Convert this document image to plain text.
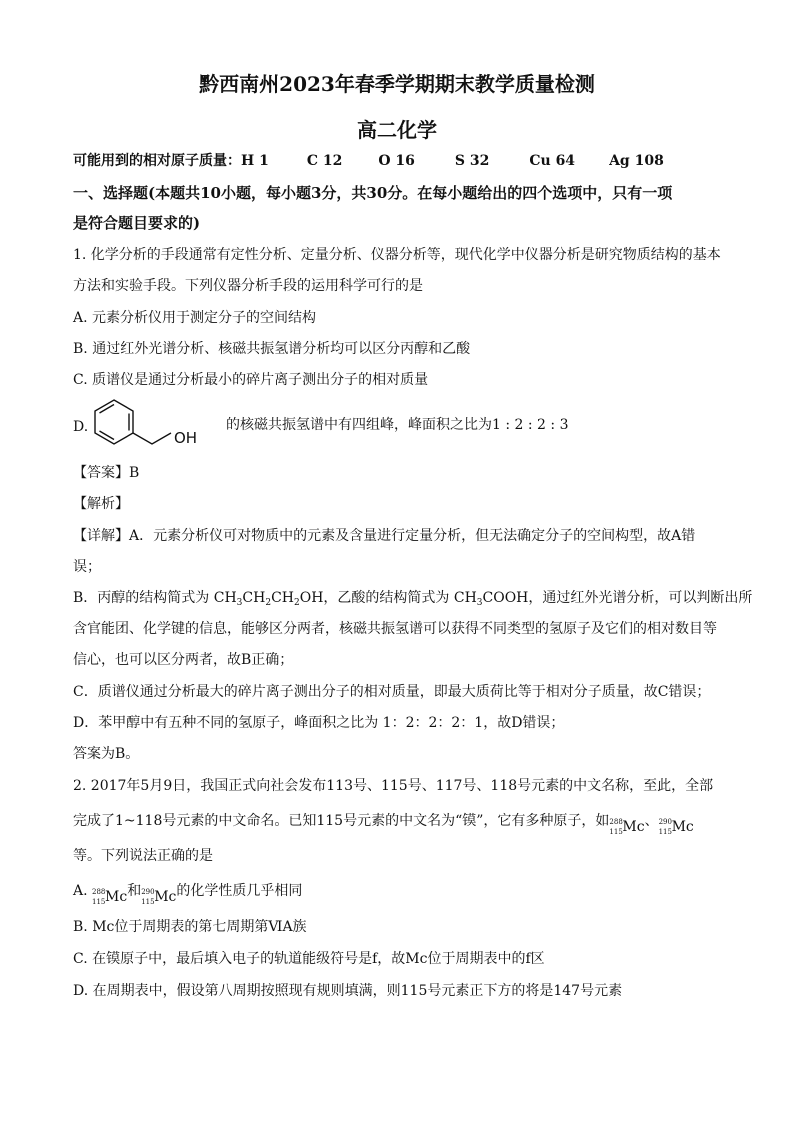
黔西南州2023年春季学期期末教学质量检测
高二化学
可能用到的相对原子质量：H 1	C 12	O 16	S 32	Cu 64 Ag 108
一、选择题(本题共10小题，每小题3分，共30分。在每小题给出的四个选项中，只有一项
是符合题目要求的)
1. 化学分析的手段通常有定性分析、定量分析、仪器分析等，现代化学中仪器分析是研究物质结构的基本
方法和实验手段。下列仪器分析手段的运用科学可行的是
A. 元素分析仪用于测定分子的空间结构
B. 通过红外光谱分析、核磁共振氢谱分析均可以区分丙醇和乙酸
C. 质谱仪是通过分析最小的碎片离子测出分子的相对质量
D.
OH
的核磁共振氢谱中有四组峰，峰面积之比为1 : 2 : 2 : 3
【答案】B
【解析】
【详解】A．元素分析仪可对物质中的元素及含量进行定量分析，但无法确定分子的空间构型，故A错
误；
B．丙醇的结构简式为 $CH_3CH_2CH_2OH$，乙酸的结构简式为 $CH_3COOH$，通过红外光谱分析，可以判断出所
含官能团、化学键的信息，能够区分两者，核磁共振氢谱可以获得不同类型的氢原子及它们的相对数目等
信心，也可以区分两者，故B正确；
C．质谱仪通过分析最大的碎片离子测出分子的相对质量，即最大质荷比等于相对分子质量，故C错误；
D．苯甲醇中有五种不同的氢原子，峰面积之比为 1：2：2：2：1，故D错误；
答案为B。
2. 2017年5月9日，我国正式向社会发布113号、115号、117号、118号元素的中文名称，至此，全部
完成了1~118号元素的中文命名。已知115号元素的中文名为“镆”，它有多种原子，如 288
115 Mc、 290
115 Mc
等。下列说法正确的是
A. 288
115 Mc和 290
115 Mc的化学性质几乎相同
B. Mc位于周期表的第七周期第ⅥA族
C. 在镆原子中，最后填入电子的轨道能级符号是f，故Mc位于周期表中的f区
D. 在周期表中，假设第八周期按照现有规则填满，则115号元素正下方的将是147号元素
